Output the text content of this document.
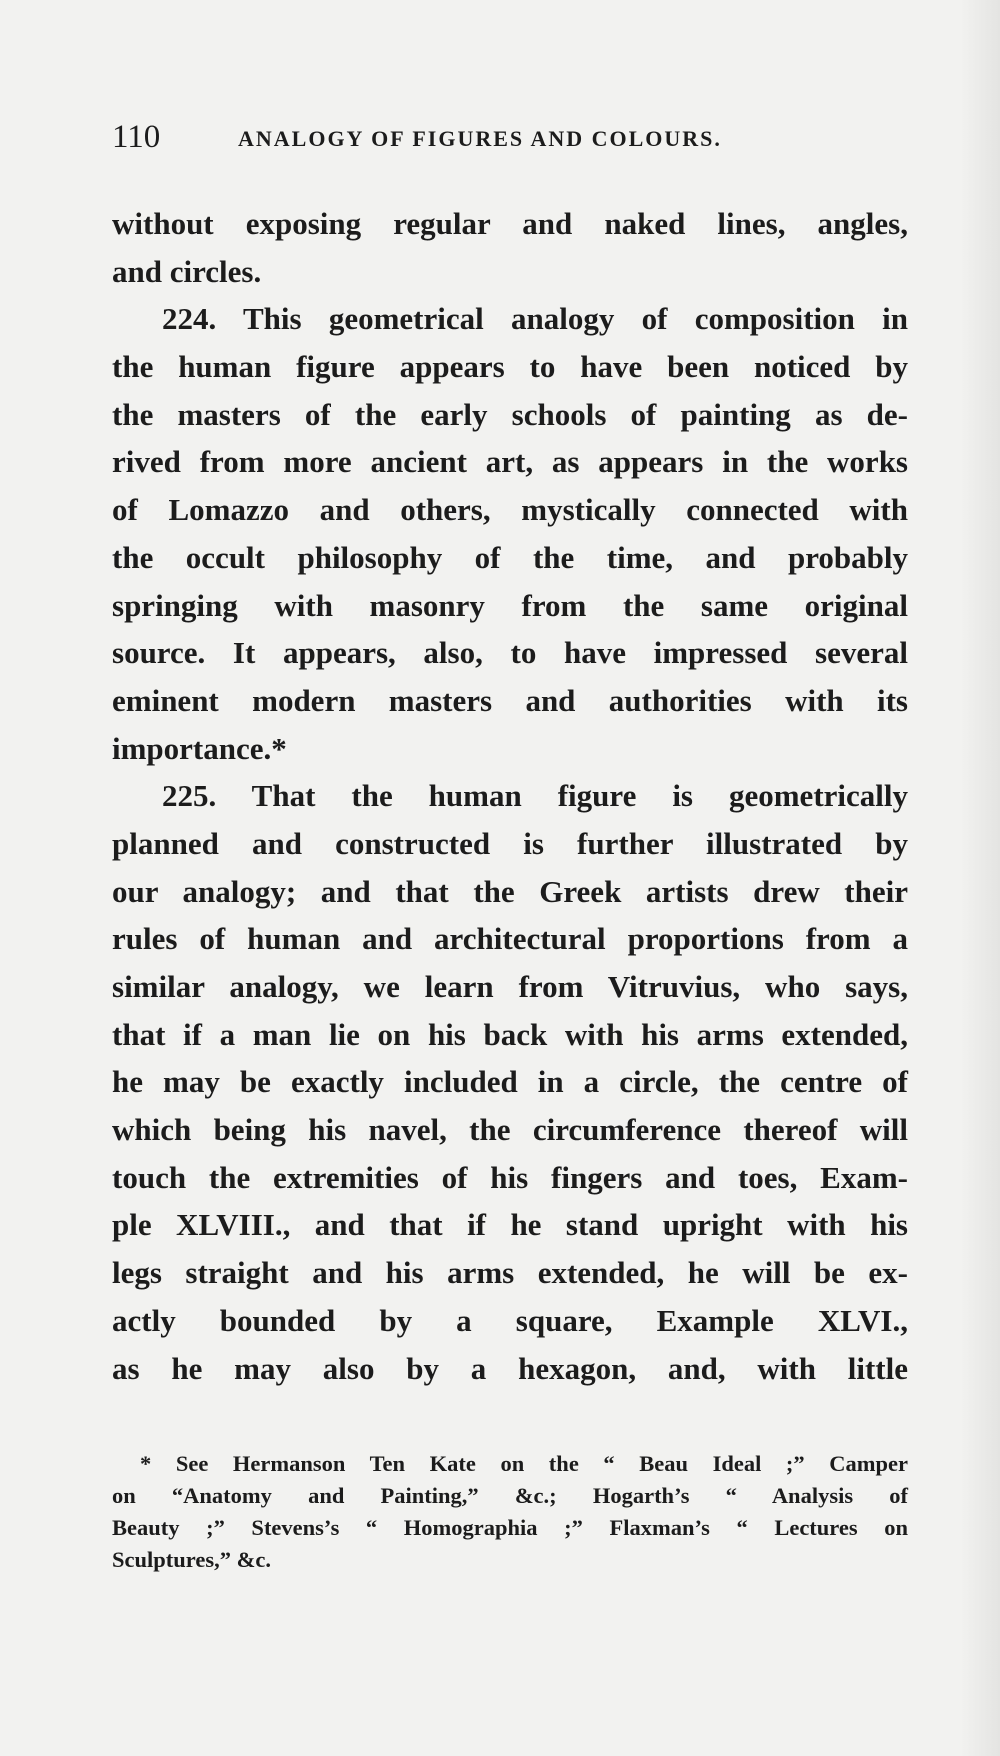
110	ANALOGY OF FIGURES AND COLOURS.
without exposing regular and naked lines, angles,
and circles.
224. This geometrical analogy of composition in
the human figure appears to have been noticed by
the masters of the early schools of painting as de-
rived from more ancient art, as appears in the works
of Lomazzo and others, mystically connected with
the occult philosophy of the time, and probably
springing with masonry from the same original
source. It appears, also, to have impressed several
eminent modern masters and authorities with its
importance.*
225. That the human figure is geometrically
planned and constructed is further illustrated by
our analogy; and that the Greek artists drew their
rules of human and architectural proportions from a
similar analogy, we learn from Vitruvius, who says,
that if a man lie on his back with his arms extended,
he may be exactly included in a circle, the centre of
which being his navel, the circumference thereof will
touch the extremities of his fingers and toes, Exam-
ple XLVIII., and that if he stand upright with his
legs straight and his arms extended, he will be ex-
actly bounded by a square, Example XLVI.,
as he may also by a hexagon, and, with little
* See Hermanson Ten Kate on the “ Beau Ideal ;” Camper
on “Anatomy and Painting,” &c.; Hogarth’s “ Analysis of
Beauty ;” Stevens’s “ Homographia ;” Flaxman’s “ Lectures on
Sculptures,” &c.
